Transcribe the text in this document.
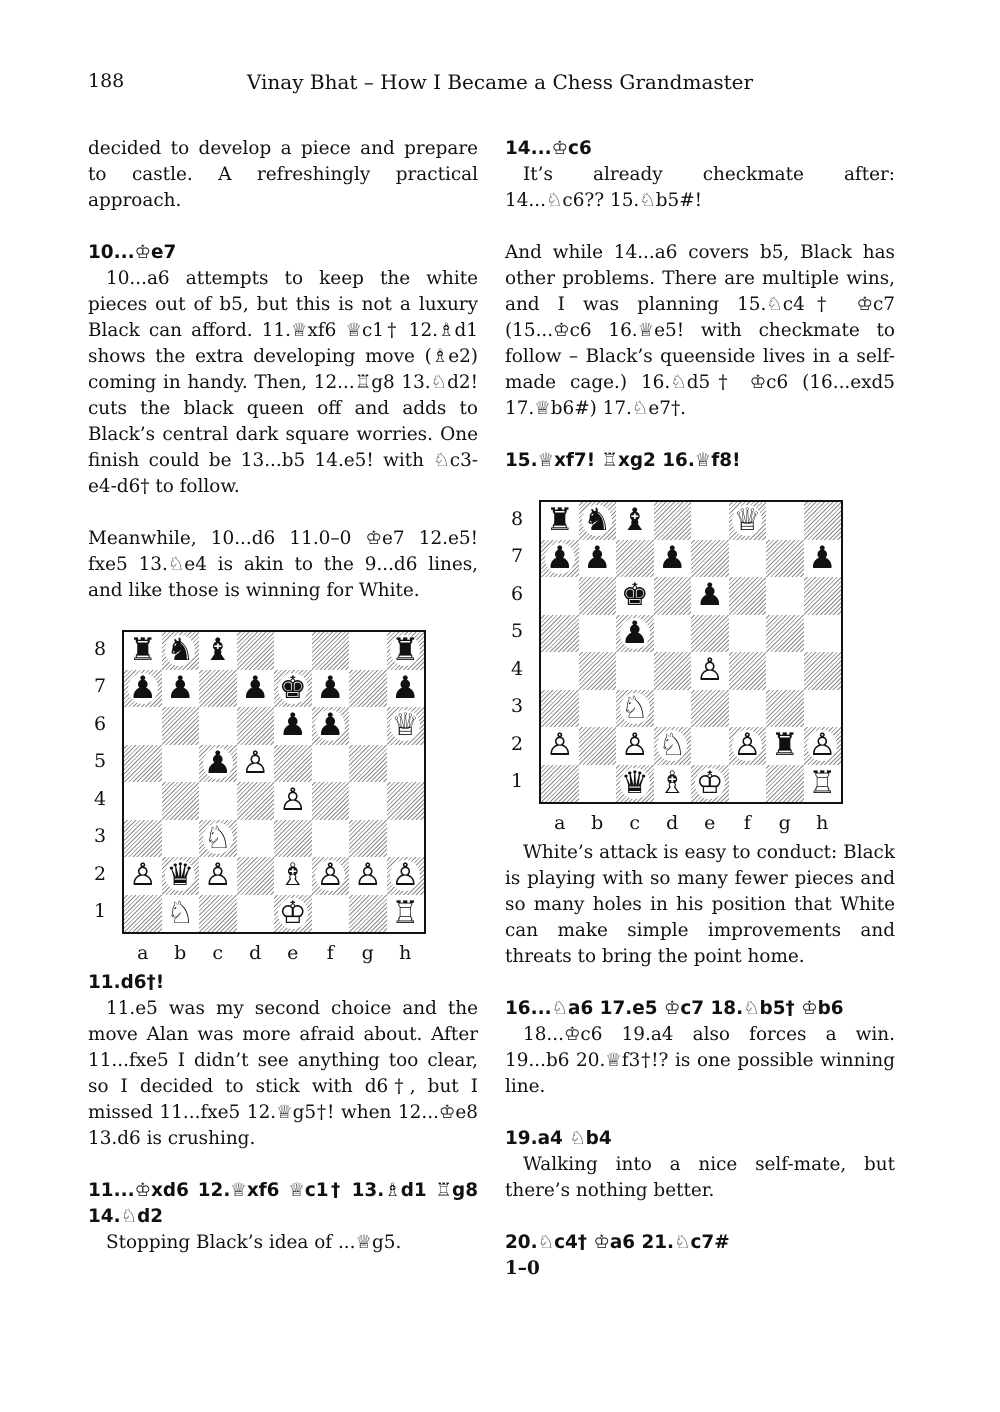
188	Vinay Bhat – How I Became a Chess Grandmaster

decided to develop a piece and prepare to castle. A refreshingly practical approach.

10...♔e7

10...a6 attempts to keep the white pieces out of b5, but this is not a luxury Black can afford. 11.♕xf6 ♕c1† 12.♗d1 shows the extra developing move (♗e2) coming in handy. Then, 12...♖g8 13.♘d2! cuts the black queen off and adds to Black’s central dark square worries. One finish could be 13...b5 14.e5! with ♘c3-e4-d6† to follow.

Meanwhile, 10...d6 11.0–0 ♔e7 12.e5! fxe5 13.♘e4 is akin to the 9...d6 lines, and like those is winning for White.

8
7
6
5
4
3
2
1
♜ ♞ ♝	♜
♟ ♟ ♟ ♚ ♟ ♟
♟ ♟ ♕
♟ ♙
♙
♘
♙ ♛ ♙ ♗ ♙ ♙ ♙
♘	♔	♖
a	b	c	d	e	f	g	h

11.d6†!

11.e5 was my second choice and the move Alan was more afraid about. After 11...fxe5 I didn’t see anything too clear, so I decided to stick with d6†, but I missed 11...fxe5 12.♕g5†! when 12...♔e8 13.d6 is crushing.

11...♔xd6 12.♕xf6 ♕c1† 13.♗d1 ♖g8 14.♘d2

Stopping Black’s idea of ...♕g5.

14...♔c6

It’s already checkmate after: 14...♘c6?? 15.♘b5#!

And while 14...a6 covers b5, Black has other problems. There are multiple wins, and I was planning 15.♘c4† ♔c7 (15...♔c6 16.♕e5! with checkmate to follow – Black’s queenside lives in a self-made cage.) 16.♘d5† ♔c6 (16...exd5 17.♕b6#) 17.♘e7†.

15.♕xf7! ♖xg2 16.♕f8!

8
7
6
5
4
3
2
1
♜ ♞ ♝	♕
♟ ♟ ♟	♟
♚ ♟
♟
♙
♘
♙ ♙ ♘ ♙ ♜ ♙
♛ ♗ ♔	♖
a	b	c	d	e	f	g	h

White’s attack is easy to conduct: Black is playing with so many fewer pieces and so many holes in his position that White can make simple improvements and threats to bring the point home.

16...♘a6 17.e5 ♔c7 18.♘b5† ♔b6

18...♔c6 19.a4 also forces a win. 19...b6 20.♕f3†!? is one possible winning line.

19.a4 ♘b4

Walking into a nice self-mate, but there’s nothing better.

20.♘c4† ♔a6 21.♘c7#

1–0
